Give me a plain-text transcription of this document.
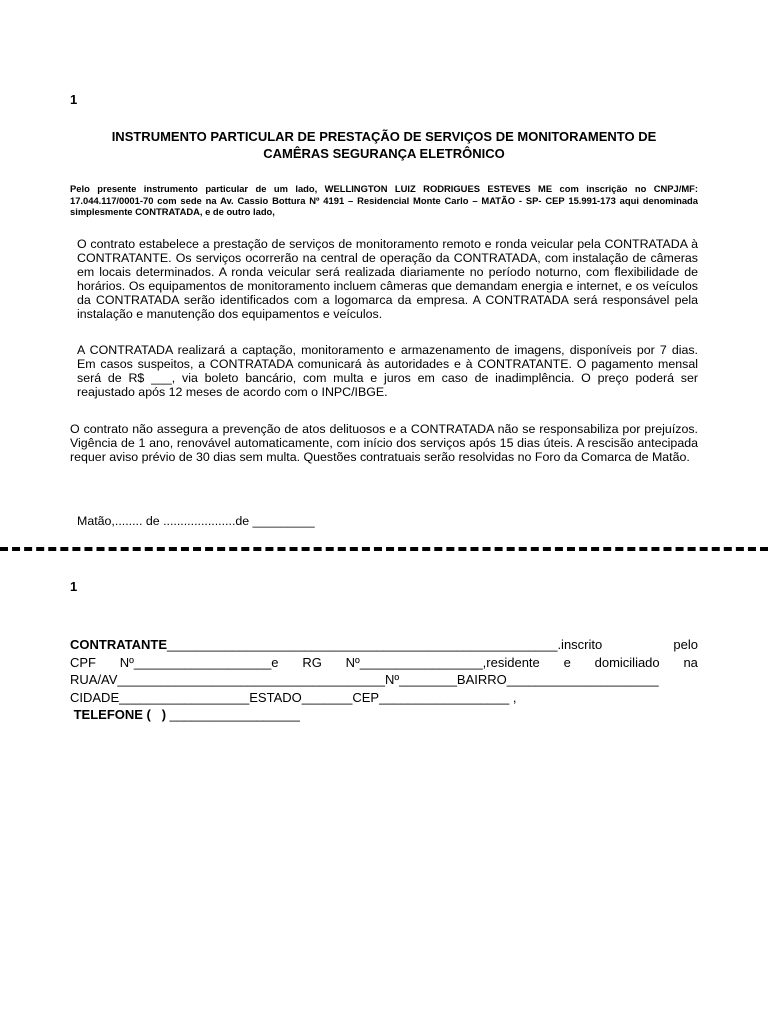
1
INSTRUMENTO PARTICULAR DE PRESTAÇÃO DE SERVIÇOS DE MONITORAMENTO DE
CAMÊRAS SEGURANÇA ELETRÔNICO
Pelo presente instrumento particular de um lado, WELLINGTON LUIZ RODRIGUES ESTEVES ME com inscrição no CNPJ/MF: 17.044.117/0001-70 com sede na Av. Cassio Bottura Nº 4191 – Residencial Monte Carlo – MATÃO - SP- CEP 15.991-173 aqui denominada simplesmente CONTRATADA, e de outro lado,
O contrato estabelece a prestação de serviços de monitoramento remoto e ronda veicular pela CONTRATADA à CONTRATANTE. Os serviços ocorrerão na central de operação da CONTRATADA, com instalação de câmeras em locais determinados. A ronda veicular será realizada diariamente no período noturno, com flexibilidade de horários. Os equipamentos de monitoramento incluem câmeras que demandam energia e internet, e os veículos da CONTRATADA serão identificados com a logomarca da empresa. A CONTRATADA será responsável pela instalação e manutenção dos equipamentos e veículos.
A CONTRATADA realizará a captação, monitoramento e armazenamento de imagens, disponíveis por 7 dias. Em casos suspeitos, a CONTRATADA comunicará às autoridades e à CONTRATANTE. O pagamento mensal será de R$ ___, via boleto bancário, com multa e juros em caso de inadimplência. O preço poderá ser reajustado após 12 meses de acordo com o INPC/IBGE.
O contrato não assegura a prevenção de atos delituosos e a CONTRATADA não se responsabiliza por prejuízos. Vigência de 1 ano, renovável automaticamente, com início dos serviços após 15 dias úteis. A rescisão antecipada requer aviso prévio de 30 dias sem multa. Questões contratuais serão resolvidas no Foro da Comarca de Matão.
Matão,........ de .....................de _________
1
CONTRATANTE______________________________________________________.inscrito	pelo
CPF Nº___________________e RG Nº_________________,residente e domiciliado na
RUA/AV_____________________________________Nº________BAIRRO_____________________
CIDADE__________________ESTADO_______CEP__________________ ,
TELEFONE (   ) __________________
